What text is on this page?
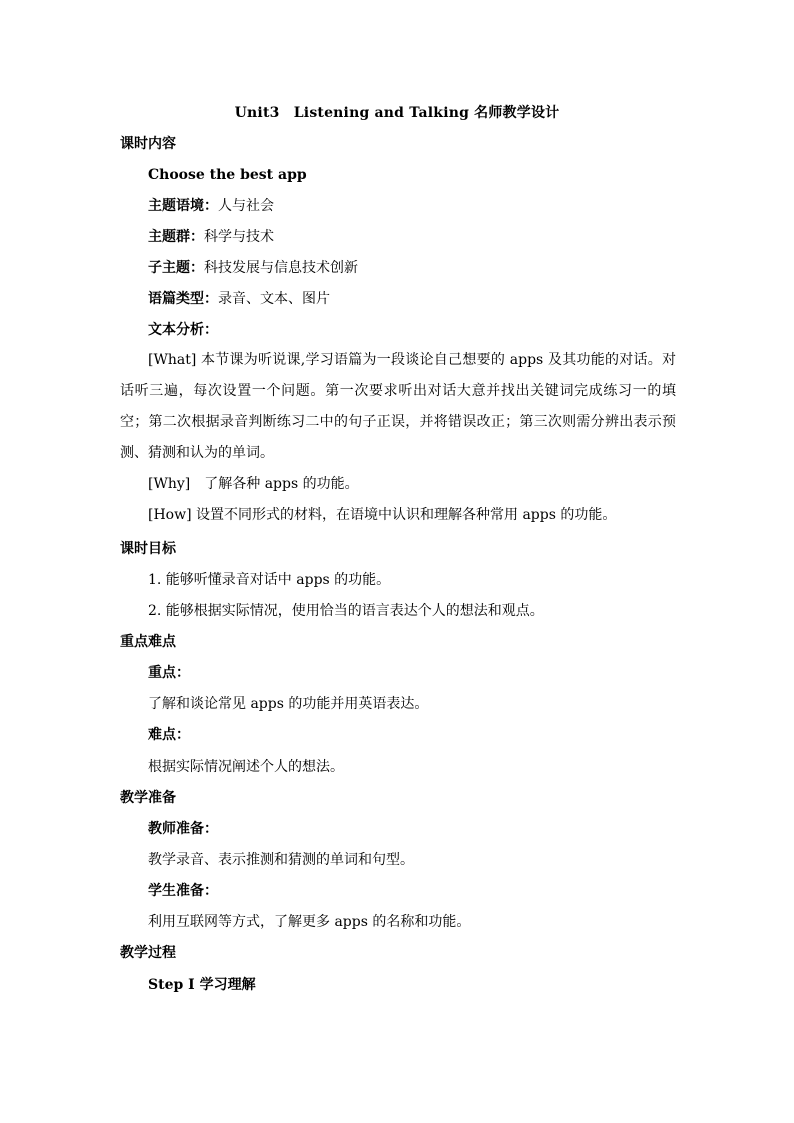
Unit3　Listening and Talking 名师教学设计
课时内容
Choose the best app
主题语境：人与社会
主题群：科学与技术
子主题：科技发展与信息技术创新
语篇类型：录音、文本、图片
文本分析：
[What] 本节课为听说课,学习语篇为一段谈论自己想要的 apps 及其功能的对话。对话听三遍，每次设置一个问题。第一次要求听出对话大意并找出关键词完成练习一的填空；第二次根据录音判断练习二中的句子正误，并将错误改正；第三次则需分辨出表示预测、猜测和认为的单词。
[Why]　了解各种 apps 的功能。
[How] 设置不同形式的材料，在语境中认识和理解各种常用 apps 的功能。
课时目标
1. 能够听懂录音对话中 apps 的功能。
2. 能够根据实际情况，使用恰当的语言表达个人的想法和观点。
重点难点
重点：
了解和谈论常见 apps 的功能并用英语表达。
难点：
根据实际情况阐述个人的想法。
教学准备
教师准备：
教学录音、表示推测和猜测的单词和句型。
学生准备：
利用互联网等方式，了解更多 apps 的名称和功能。
教学过程
Step I 学习理解
